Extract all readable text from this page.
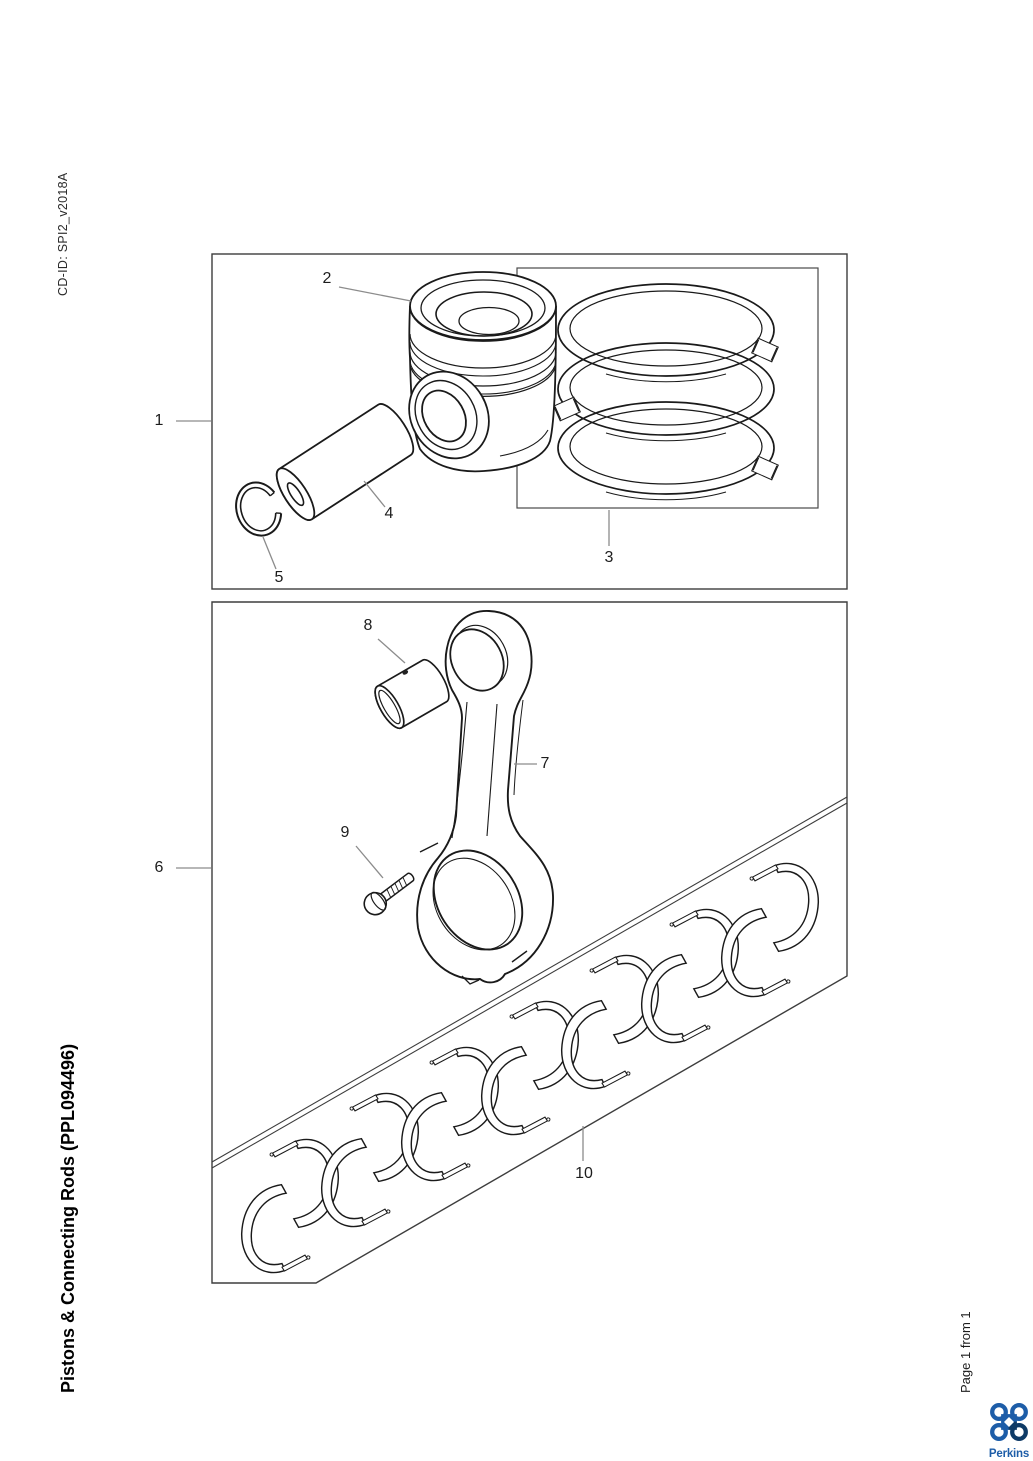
CD-ID: SPI2_v2018A
Pistons & Connecting Rods (PPL094496)	Page 1 from 1
1
2
3
4
5
6
7
8
9
10
Perkins
